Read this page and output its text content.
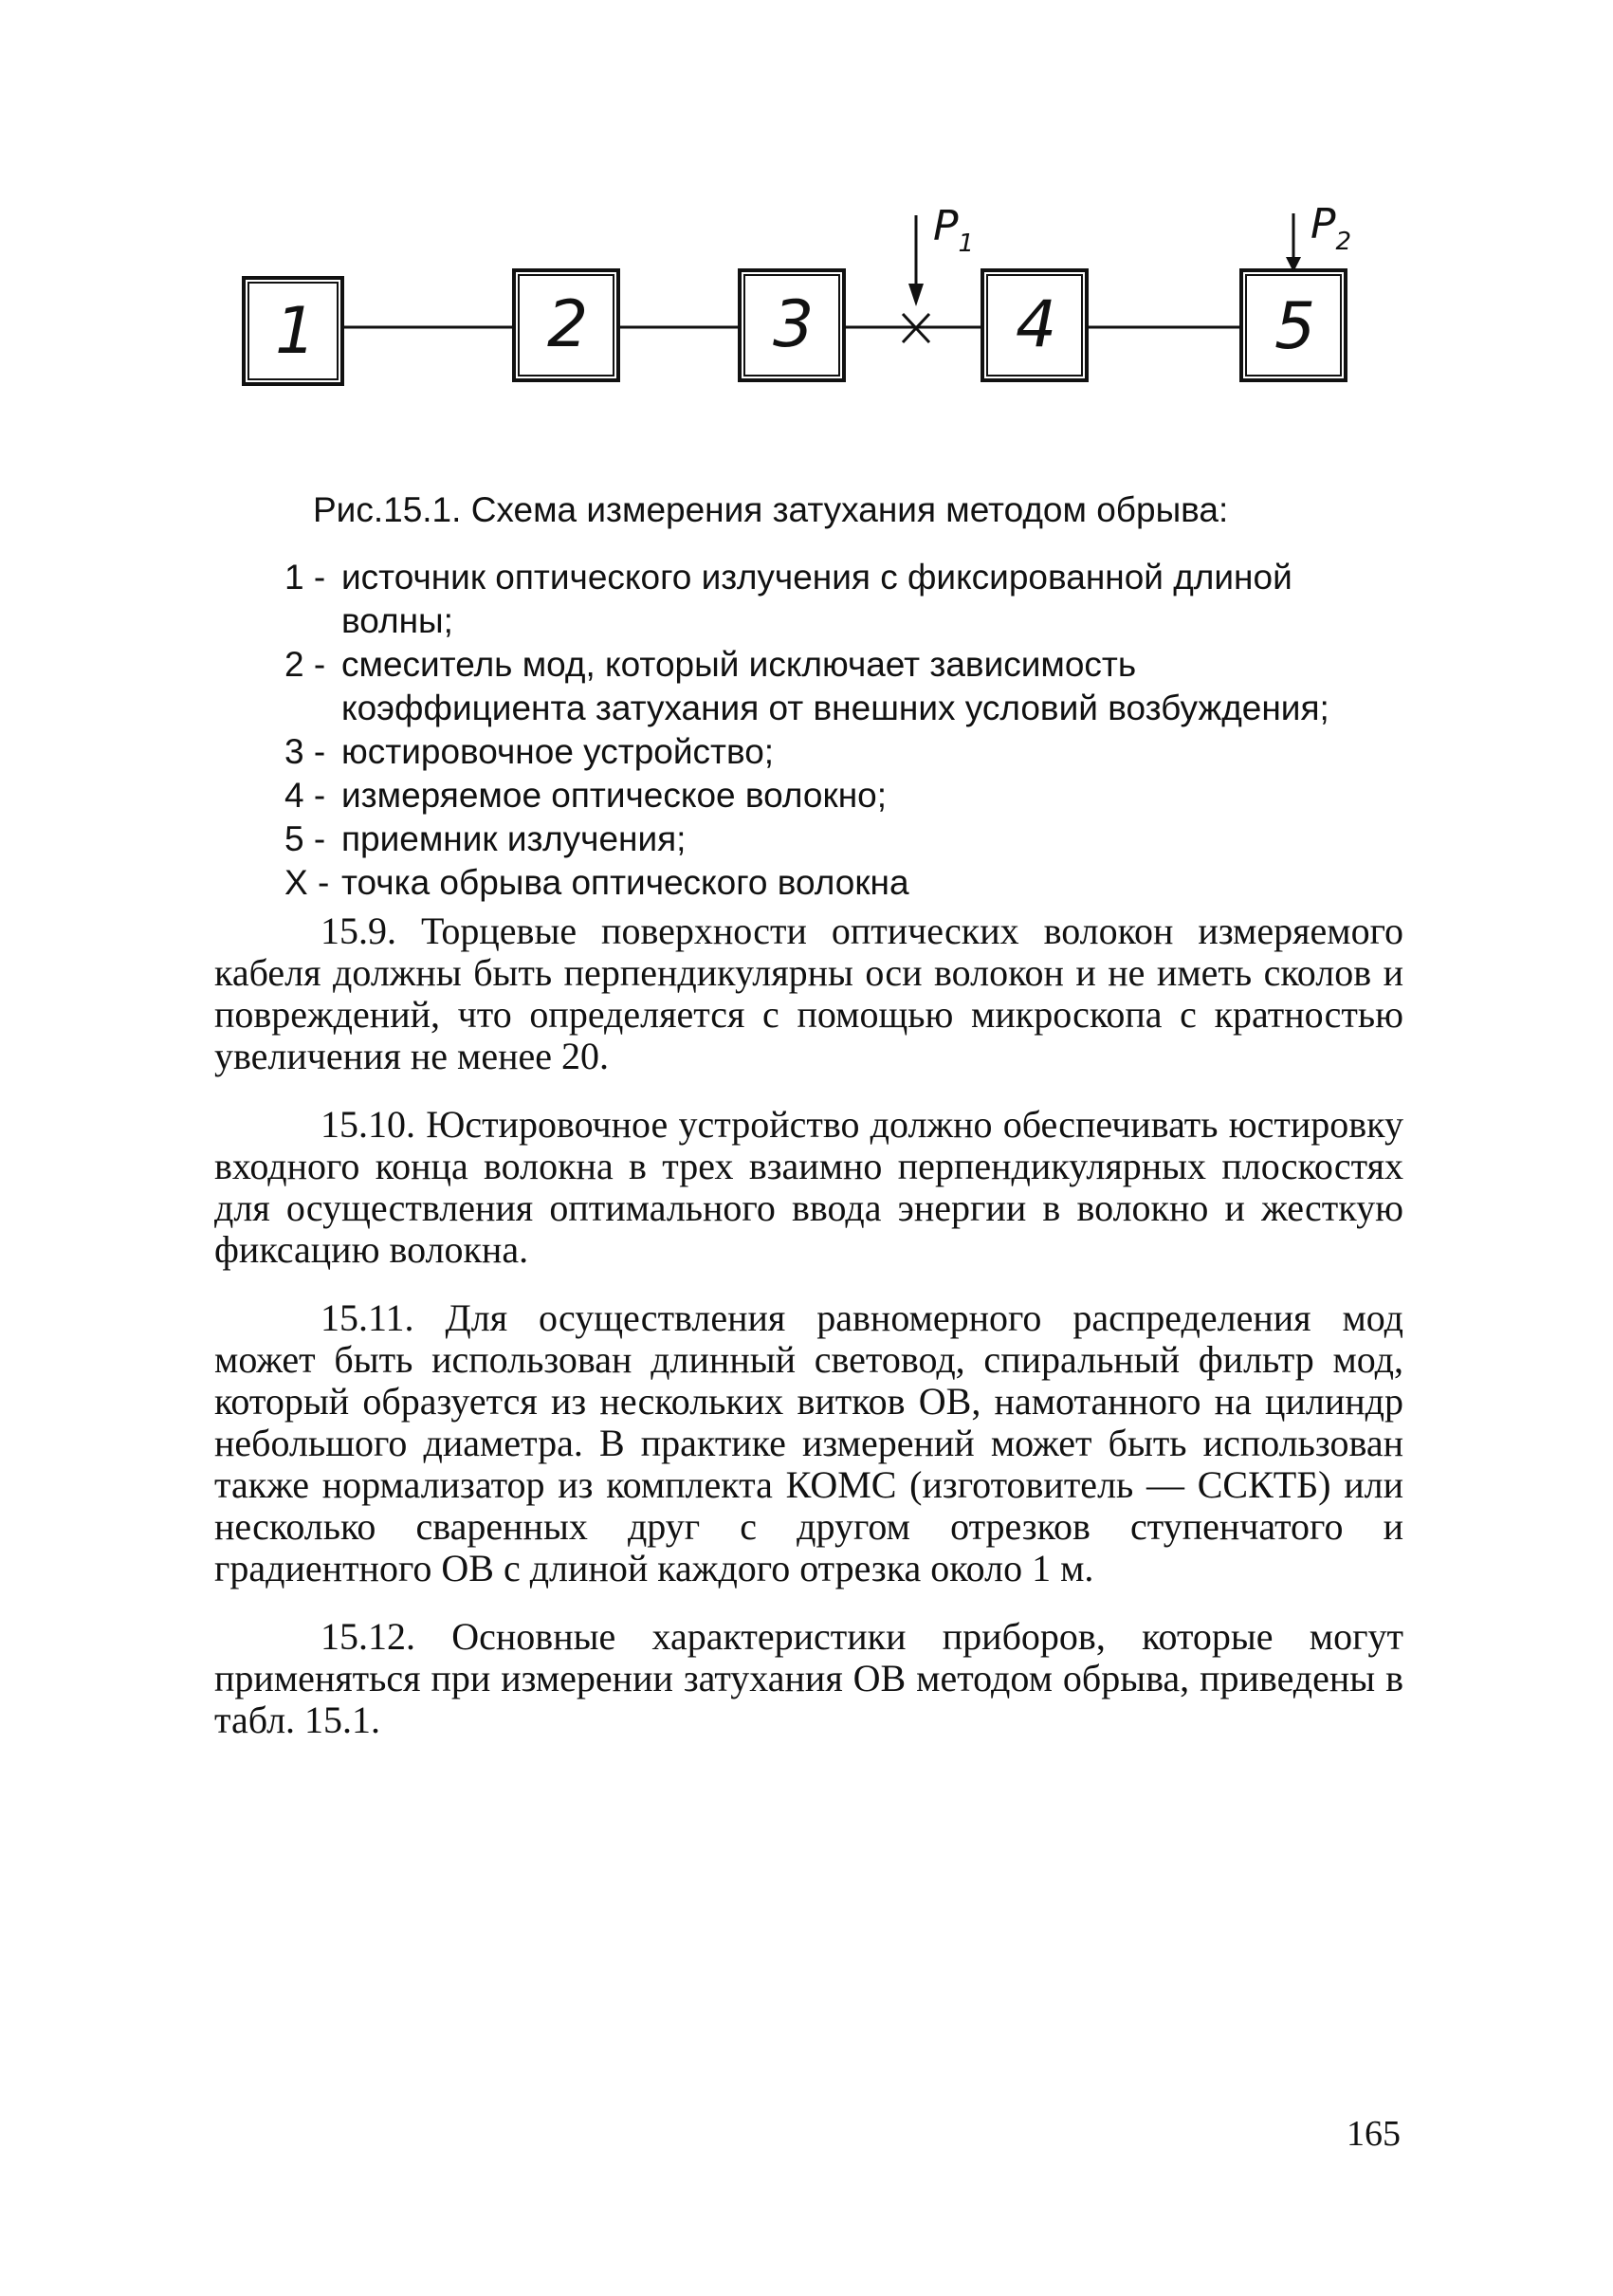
1	2	3	4	5
$P_1$	$P_2$
Рис.15.1. Схема измерения затухания методом обрыва:
1 - источник оптического излучения с фиксированной длиной волны;
2 - смеситель мод, который исключает зависимость коэффициента затухания от внешних условий возбуждения;
3 - юстировочное устройство;
4 - измеряемое оптическое волокно;
5 - приемник излучения;
X - точка обрыва оптического волокна

15.9. Торцевые поверхности оптических волокон измеряемого кабеля должны быть перпендикулярны оси волокон и не иметь сколов и повреждений, что определяется с помощью микроскопа с кратностью увеличения не менее 20.

15.10. Юстировочное устройство должно обеспечивать юстировку входного конца волокна в трех взаимно перпендикулярных плоскостях для осуществления оптимального ввода энергии в волокно и жесткую фиксацию волокна.

15.11. Для осуществления равномерного распределения мод может быть использован длинный световод, спиральный фильтр мод, который образуется из нескольких витков ОВ, намотанного на цилиндр небольшого диаметра. В практике измерений может быть использован также нормализатор из комплекта КОМС (изготовитель — ССКТБ) или несколько сваренных друг с другом отрезков ступенчатого и градиентного ОВ с длиной каждого отрезка около 1 м.

15.12. Основные характеристики приборов, которые могут применяться при измерении затухания ОВ методом обрыва, приведены в табл. 15.1.

165
